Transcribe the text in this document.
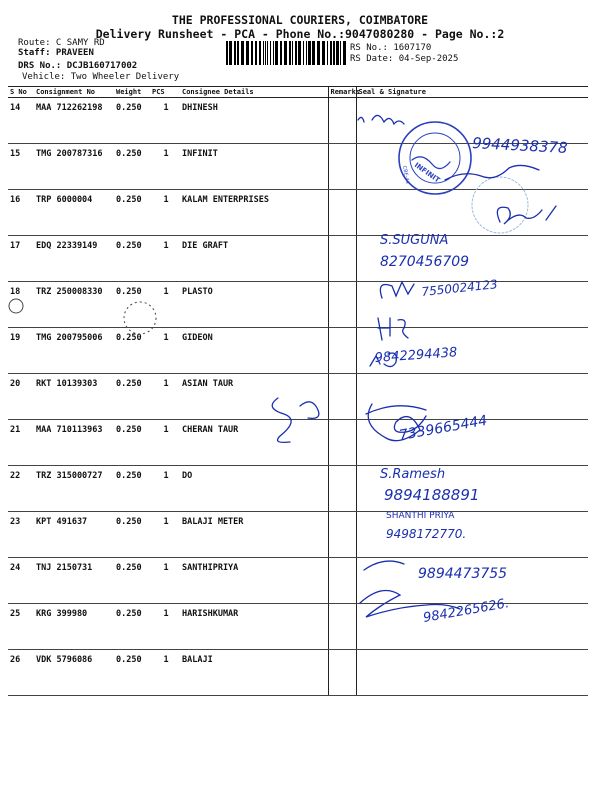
THE PROFESSIONAL COURIERS, COIMBATORE
Delivery Runsheet - PCA - Phone No.:9047080280 - Page No.:2
Route: C SAMY RD
Staff: PRAVEEN
DRS No.: DCJB160717002
Vehicle: Two Wheeler Delivery
RS No.: 1607170
RS Date: 04-Sep-2025
S No	Consignment No	Weight	PCS	Consignee Details	Remarks	Seal & Signature
14	MAA 712262198	0.250	1	DHINESH		
15	TMG 200787316	0.250	1	INFINIT		
16	TRP 6000004	0.250	1	KALAM ENTERPRISES		
17	EDQ 22339149	0.250	1	DIE GRAFT		
18	TRZ 250008330	0.250	1	PLASTO		
19	TMG 200795006	0.250	1	GIDEON		
20	RKT 10139303	0.250	1	ASIAN TAUR		
21	MAA 710113963	0.250	1	CHERAN TAUR		
22	TRZ 315000727	0.250	1	DO		
23	KPT 491637	0.250	1	BALAJI METER		
24	TNJ 2150731	0.250	1	SANTHIPRIYA		
25	KRG 399980	0.250	1	HARISHKUMAR		
26	VDK 5796086	0.250	1	BALAJI		
9944938378
INFINIT
CBE-44
S.SUGUNA
8270456709
7550024123
9842294438
7339665444
S.Ramesh
9894188891
SHANTHI PRIYA
9498172770.
9894473755
9842265626.
